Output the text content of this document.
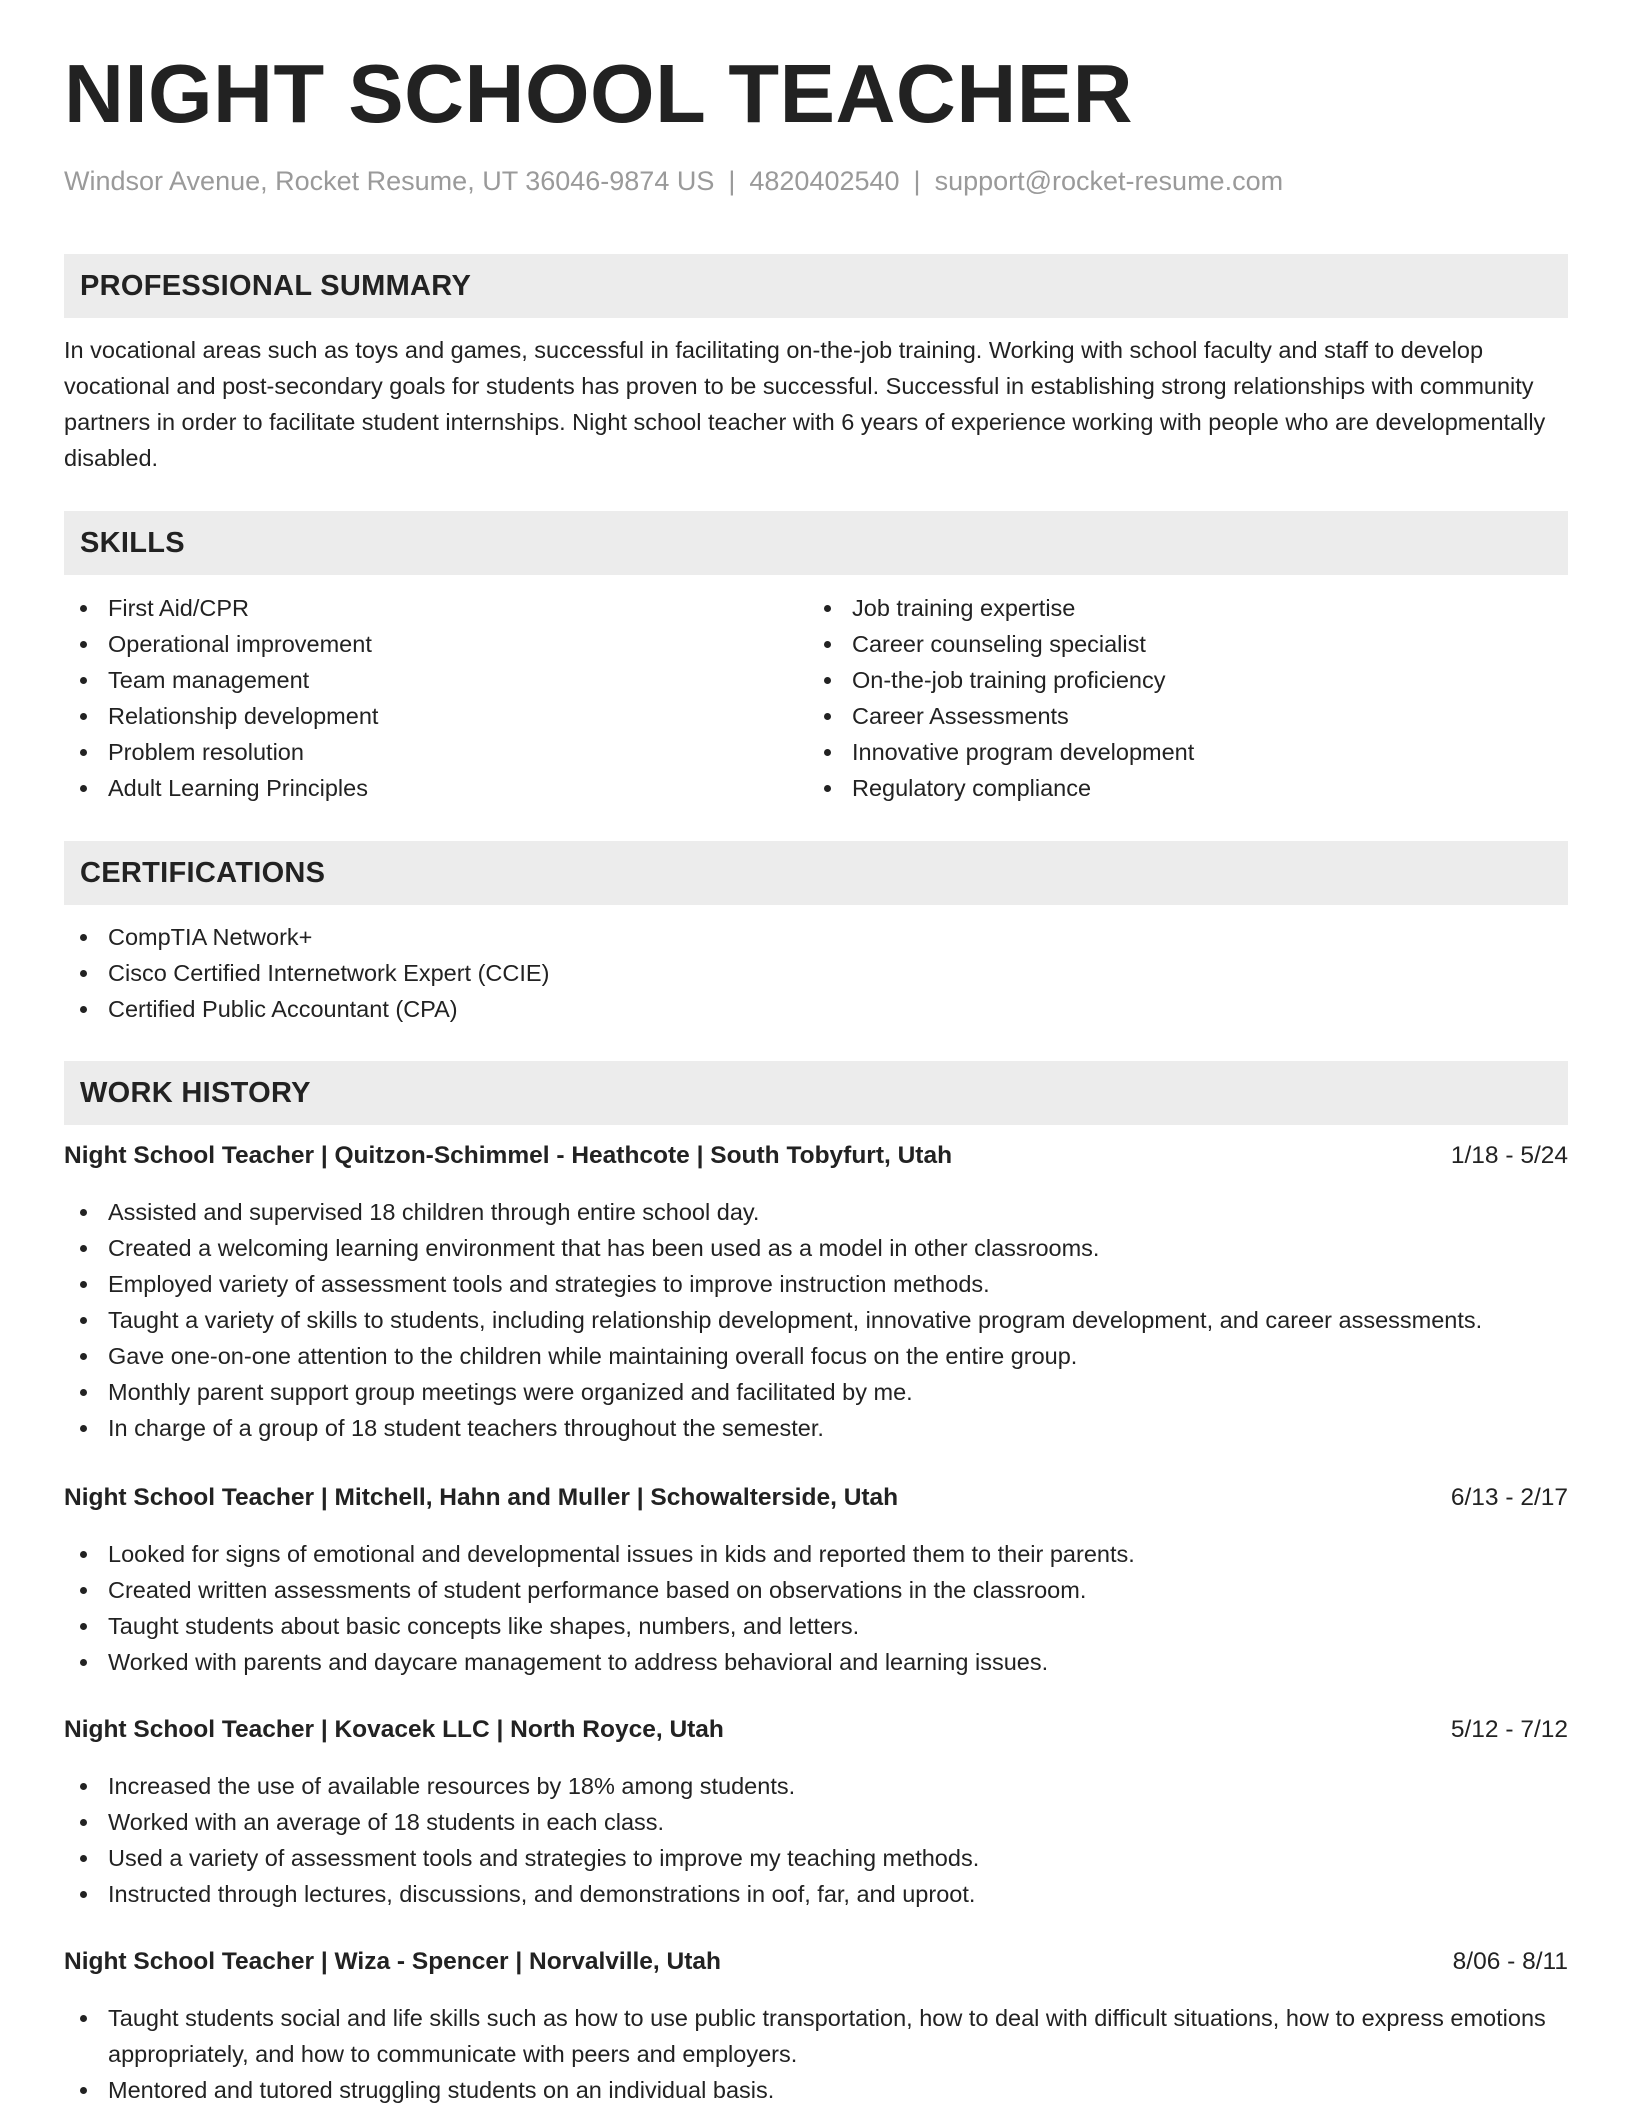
NIGHT SCHOOL TEACHER
Windsor Avenue, Rocket Resume, UT 36046-9874 US | 4820402540 | support@rocket-resume.com
PROFESSIONAL SUMMARY

In vocational areas such as toys and games, successful in facilitating on-the-job training. Working with school faculty and staff to develop vocational and post-secondary goals for students has proven to be successful. Successful in establishing strong relationships with community partners in order to facilitate student internships. Night school teacher with 6 years of experience working with people who are developmentally disabled.

SKILLS
First Aid/CPR
Operational improvement
Team management
Relationship development
Problem resolution
Adult Learning Principles
Job training expertise
Career counseling specialist
On-the-job training proficiency
Career Assessments
Innovative program development
Regulatory compliance
CERTIFICATIONS
CompTIA Network+
Cisco Certified Internetwork Expert (CCIE)
Certified Public Accountant (CPA)
WORK HISTORY
Night School Teacher | Quitzon-Schimmel - Heathcote | South Tobyfurt, Utah	1/18 - 5/24
Assisted and supervised 18 children through entire school day.
Created a welcoming learning environment that has been used as a model in other classrooms.
Employed variety of assessment tools and strategies to improve instruction methods.
Taught a variety of skills to students, including relationship development, innovative program development, and career assessments.
Gave one-on-one attention to the children while maintaining overall focus on the entire group.
Monthly parent support group meetings were organized and facilitated by me.
In charge of a group of 18 student teachers throughout the semester.
Night School Teacher | Mitchell, Hahn and Muller | Schowalterside, Utah	6/13 - 2/17
Looked for signs of emotional and developmental issues in kids and reported them to their parents.
Created written assessments of student performance based on observations in the classroom.
Taught students about basic concepts like shapes, numbers, and letters.
Worked with parents and daycare management to address behavioral and learning issues.
Night School Teacher | Kovacek LLC | North Royce, Utah	5/12 - 7/12
Increased the use of available resources by 18% among students.
Worked with an average of 18 students in each class.
Used a variety of assessment tools and strategies to improve my teaching methods.
Instructed through lectures, discussions, and demonstrations in oof, far, and uproot.
Night School Teacher | Wiza - Spencer | Norvalville, Utah	8/06 - 8/11
Taught students social and life skills such as how to use public transportation, how to deal with difficult situations, how to express emotions appropriately, and how to communicate with peers and employers.
Mentored and tutored struggling students on an individual basis.
